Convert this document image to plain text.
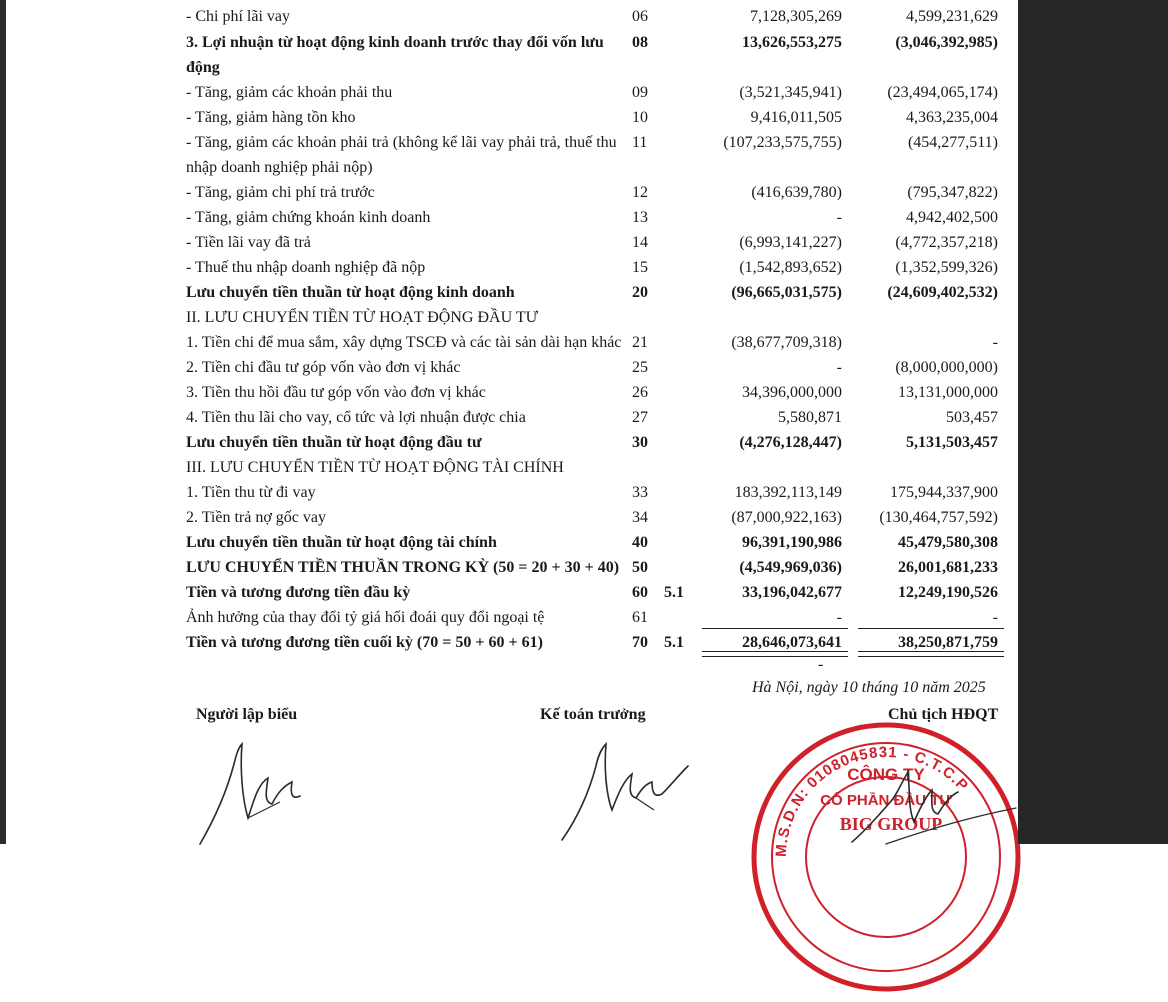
- Chi phí lãi vay	06	7,128,305,269	4,599,231,629
3. Lợi nhuận từ hoạt động kinh doanh trước thay đổi vốn lưu động
08	13,626,553,275	(3,046,392,985)
- Tăng, giảm các khoản phải thu	09	(3,521,345,941)	(23,494,065,174)
- Tăng, giảm hàng tồn kho	10	9,416,011,505	4,363,235,004
- Tăng, giảm các khoản phải trả (không kể lãi vay phải trả, thuế thu nhập doanh nghiệp phải nộp)
11	(107,233,575,755)	(454,277,511)
- Tăng, giảm chi phí trả trước	12	(416,639,780)	(795,347,822)
- Tăng, giảm chứng khoán kinh doanh	13	-	4,942,402,500
- Tiền lãi vay đã trả	14	(6,993,141,227)	(4,772,357,218)
- Thuế thu nhập doanh nghiệp đã nộp	15	(1,542,893,652)	(1,352,599,326)
Lưu chuyển tiền thuần từ hoạt động kinh doanh	20	(96,665,031,575)	(24,609,402,532)
II. LƯU CHUYỂN TIỀN TỪ HOẠT ĐỘNG ĐẦU TƯ
1. Tiền chi để mua sắm, xây dựng TSCĐ và các tài sản dài hạn khác 21	(38,677,709,318)	-
2. Tiền chi đầu tư góp vốn vào đơn vị khác	25	-	(8,000,000,000)
3. Tiền thu hồi đầu tư góp vốn vào đơn vị khác	26	34,396,000,000	13,131,000,000
4. Tiền thu lãi cho vay, cổ tức và lợi nhuận được chia	27	5,580,871	503,457
Lưu chuyển tiền thuần từ hoạt động đầu tư	30	(4,276,128,447)	5,131,503,457
III. LƯU CHUYỂN TIỀN TỪ HOẠT ĐỘNG TÀI CHÍNH
1. Tiền thu từ đi vay	33	183,392,113,149	175,944,337,900
2. Tiền trả nợ gốc vay	34	(87,000,922,163)	(130,464,757,592)
Lưu chuyển tiền thuần từ hoạt động tài chính	40	96,391,190,986	45,479,580,308
LƯU CHUYỂN TIỀN THUẦN TRONG KỲ (50 = 20 + 30 + 40) 50	(4,549,969,036)	26,001,681,233
Tiền và tương đương tiền đầu kỳ	60	5.1	33,196,042,677	12,249,190,526
Ảnh hưởng của thay đổi tỷ giá hối đoái quy đổi ngoại tệ	61	-	-
Tiền và tương đương tiền cuối kỳ (70 = 50 + 60 + 61)	70	5.1	28,646,073,641	38,250,871,759
-
Hà Nội, ngày 10 tháng 10 năm 2025
Người lập biểu	Kế toán trưởng	Chủ tịch HĐQT
M.S.D.N: 0108045831 - C.T.C.P
CÔNG TY
CỔ PHẦN ĐẦU TƯ
BIG GROUP
